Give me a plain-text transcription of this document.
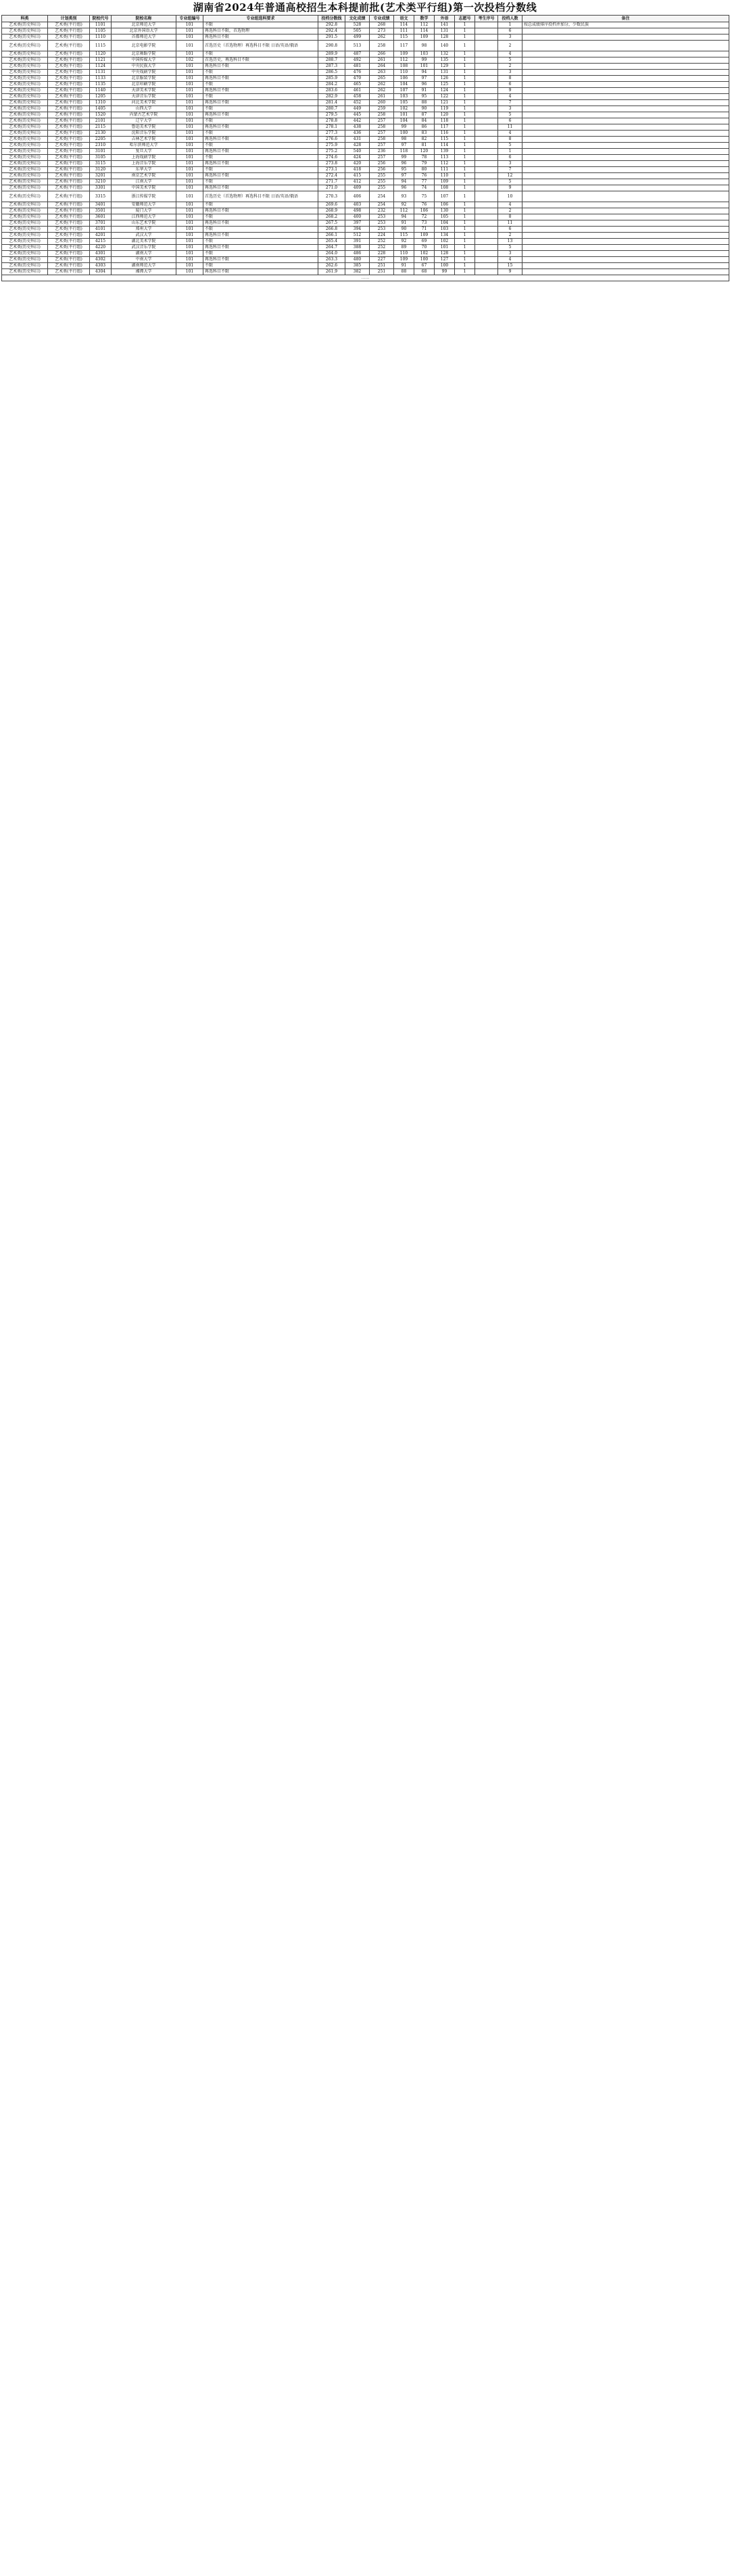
湖南省2024年普通高校招生本科提前批(艺术类平行组)第一次投档分数线
科类	计划类别	院校代号	院校名称	专业组编号	专业组选科要求	投档分数线	文化成绩	专业成绩	语文	数学	外语	志愿号	考生序号	投档人数	备注
艺术类(历史科目)	艺术类(平行组)	1101	北京师范大学	101	不限	292.8	528	268	114	112	141	1		1	按总成绩排序投档并加分，少数民族
艺术类(历史科目)	艺术类(平行组)	1105	北京外国语大学	101	再选科目不限，首选物理	292.4	505	273	111	114	131	1		6	
艺术类(历史科目)	艺术类(平行组)	1110	首都师范大学	101	再选科目不限	291.5	499	262	115	109	128	1		3	
艺术类(历史科目)	艺术类(平行组)	1115	北京电影学院	101	首选历史（首选物理）再选科目不限 日语/英语/俄语	290.8	513	258	117	98	140	1		2	
艺术类(历史科目)	艺术类(平行组)	1120	北京舞蹈学院	101	不限	289.9	487	266	109	103	132	1		4	
艺术类(历史科目)	艺术类(平行组)	1121	中国传媒大学	102	首选历史，再选科目不限	288.7	492	261	112	99	135	1		5	
艺术类(历史科目)	艺术类(平行组)	1124	中央民族大学	101	再选科目不限	287.3	481	264	108	101	129	1		2	
艺术类(历史科目)	艺术类(平行组)	1131	中央戏剧学院	101	不限	286.5	476	263	110	94	131	1		3	
艺术类(历史科目)	艺术类(平行组)	1133	北京服装学院	101	再选科目不限	285.9	470	265	106	97	126	1		8	
艺术类(历史科目)	艺术类(平行组)	1135	北京印刷学院	101	不限	284.2	465	262	104	96	125	1		6	
艺术类(历史科目)	艺术类(平行组)	1140	天津美术学院	101	再选科目不限	283.6	461	262	107	91	124	1		9	
艺术类(历史科目)	艺术类(平行组)	1205	天津音乐学院	101	不限	282.9	458	261	103	95	122	1		4	
艺术类(历史科目)	艺术类(平行组)	1310	河北美术学院	101	再选科目不限	281.4	452	260	105	88	121	1		7	
艺术类(历史科目)	艺术类(平行组)	1405	山西大学	101	不限	280.7	449	259	102	90	119	1		3	
艺术类(历史科目)	艺术类(平行组)	1520	内蒙古艺术学院	101	再选科目不限	279.5	445	258	101	87	120	1		5	
艺术类(历史科目)	艺术类(平行组)	2101	辽宁大学	101	不限	278.8	442	257	104	84	118	1		6	
艺术类(历史科目)	艺术类(平行组)	2115	鲁迅美术学院	101	再选科目不限	278.1	438	258	99	86	117	1		11	
艺术类(历史科目)	艺术类(平行组)	2130	沈阳音乐学院	101	不限	277.3	436	257	100	83	116	1		4	
艺术类(历史科目)	艺术类(平行组)	2205	吉林艺术学院	101	再选科目不限	276.6	431	258	98	82	115	1		8	
艺术类(历史科目)	艺术类(平行组)	2310	哈尔滨师范大学	101	不限	275.9	428	257	97	81	114	1		5	
艺术类(历史科目)	艺术类(平行组)	3101	复旦大学	101	再选科目不限	275.2	540	236	118	120	139	1		1	
艺术类(历史科目)	艺术类(平行组)	3105	上海戏剧学院	101	不限	274.6	424	257	99	78	113	1		6	
艺术类(历史科目)	艺术类(平行组)	3115	上海音乐学院	101	再选科目不限	273.8	420	256	96	79	112	1		3	
艺术类(历史科目)	艺术类(平行组)	3120	东华大学	101	不限	273.1	418	256	95	80	111	1		7	
艺术类(历史科目)	艺术类(平行组)	3201	南京艺术学院	101	再选科目不限	272.4	415	255	97	76	110	1		12	
艺术类(历史科目)	艺术类(平行组)	3210	江南大学	101	不限	271.7	412	255	94	77	109	1		5	
艺术类(历史科目)	艺术类(平行组)	3301	中国美术学院	101	再选科目不限	271.0	409	255	96	74	108	1		9	
艺术类(历史科目)	艺术类(平行组)	3315	浙江传媒学院	101	首选历史（首选物理）再选科目不限 日语/英语/俄语	270.3	406	254	93	75	107	1		10	
艺术类(历史科目)	艺术类(平行组)	3401	安徽师范大学	101	不限	269.6	403	254	92	76	106	1		4	
艺术类(历史科目)	艺术类(平行组)	3501	厦门大学	101	再选科目不限	268.9	498	232	112	106	130	1		2	
艺术类(历史科目)	艺术类(平行组)	3601	江西师范大学	101	不限	268.2	400	253	94	72	105	1		8	
艺术类(历史科目)	艺术类(平行组)	3701	山东艺术学院	101	再选科目不限	267.5	397	253	91	73	104	1		11	
艺术类(历史科目)	艺术类(平行组)	4101	郑州大学	101	不限	266.8	394	253	90	71	103	1		6	
艺术类(历史科目)	艺术类(平行组)	4201	武汉大学	101	再选科目不限	266.1	512	224	115	109	134	1		2	
艺术类(历史科目)	艺术类(平行组)	4215	湖北美术学院	101	不限	265.4	391	252	92	69	102	1		13	
艺术类(历史科目)	艺术类(平行组)	4220	武汉音乐学院	101	再选科目不限	264.7	388	252	89	70	101	1		5	
艺术类(历史科目)	艺术类(平行组)	4301	湖南大学	101	不限	264.0	486	228	110	102	128	1		3	
艺术类(历史科目)	艺术类(平行组)	4302	中南大学	101	再选科目不限	263.3	480	227	109	100	127	1		4	
艺术类(历史科目)	艺术类(平行组)	4303	湖南师范大学	101	不限	262.6	385	251	91	67	100	1		15	
艺术类(历史科目)	艺术类(平行组)	4304	湘潭大学	101	再选科目不限	261.9	382	251	88	68	99	1		9	
……															
